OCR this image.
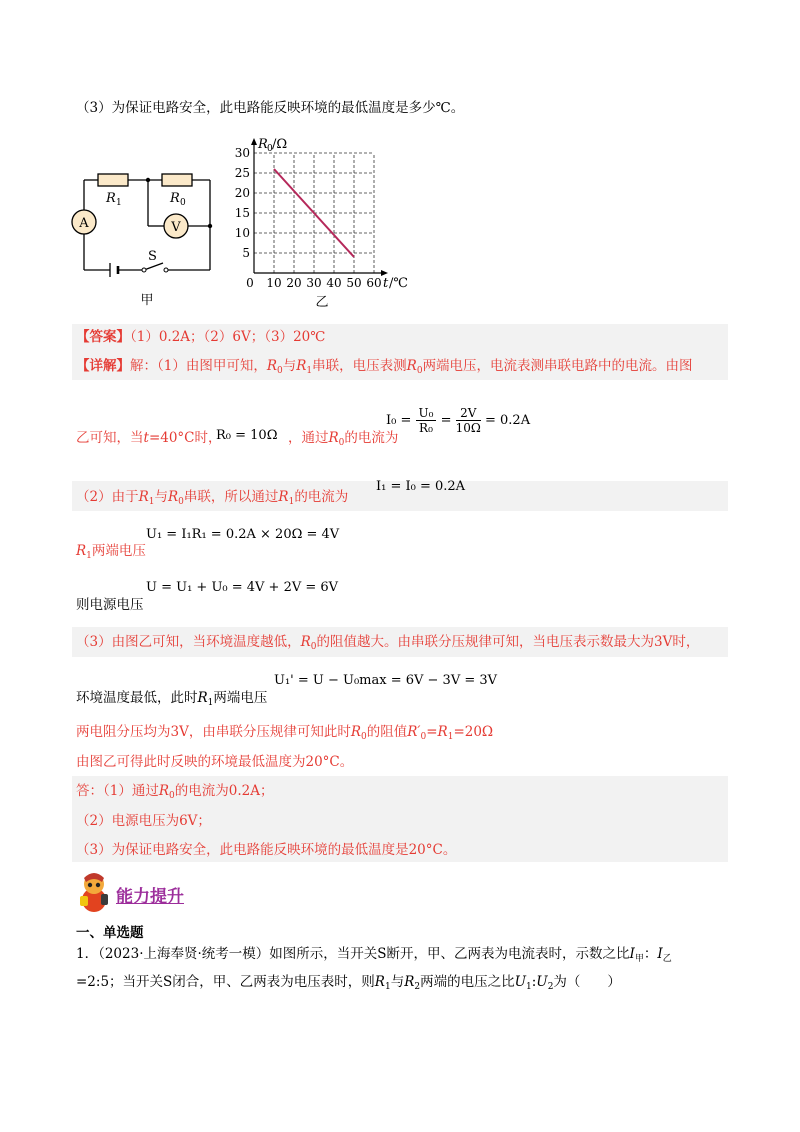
（3）为保证电路安全，此电路能反映环境的最低温度是多少℃。
A	V
R 1	R 0
S
甲
5
10
15
20
25
30
0 10 20 30 40 50 60
R 0 /Ω
t /℃
乙
【答案】（1）0.2A；（2）6V；（3）20℃
【详解】解：（1）由图甲可知，$R_0$与$R_1$串联，电压表测$R_0$两端电压，电流表测串联电路中的电流。由图
乙可知，当t=40°C时，
R₀ = 10Ω ，通过$R_0$的电流为
$I_0 = \frac{\text{U₀}}{\text{R₀}} = \frac{2V}{10\Omega} = 0.2A$
（2）由于$R_1$与$R_0$串联，所以通过$R_1$的电流为
I₁ = I₀ = 0.2A
$R_1$两端电压
U₁ = I₁R₁ = 0.2A × 20Ω = 4V
则电源电压
U = U₁ + U₀ = 4V + 2V = 6V
（3）由图乙可知，当环境温度越低，$R_0$的阻值越大。由串联分压规律可知，当电压表示数最大为3V时，
环境温度最低，此时$R_1$两端电压
U₁' = U − U₀max = 6V − 3V = 3V
两电阻分压均为3V，由串联分压规律可知此时$R_0$的阻值$R'_0=R_1=20\Omega$
由图乙可得此时反映的环境最低温度为20°C。
答：（1）通过$R_0$的电流为0.2A；
（2）电源电压为6V；
（3）为保证电路安全，此电路能反映环境的最低温度是20°C。
能力提升
一、单选题
1．（2023·上海奉贤·统考一模）如图所示，当开关S断开，甲、乙两表为电流表时，示数之比$I_甲$：$I_乙$
=2:5；当开关S闭合，甲、乙两表为电压表时，则$R_1$与$R_2$两端的电压之比$U_1:U_2$为（　　）
